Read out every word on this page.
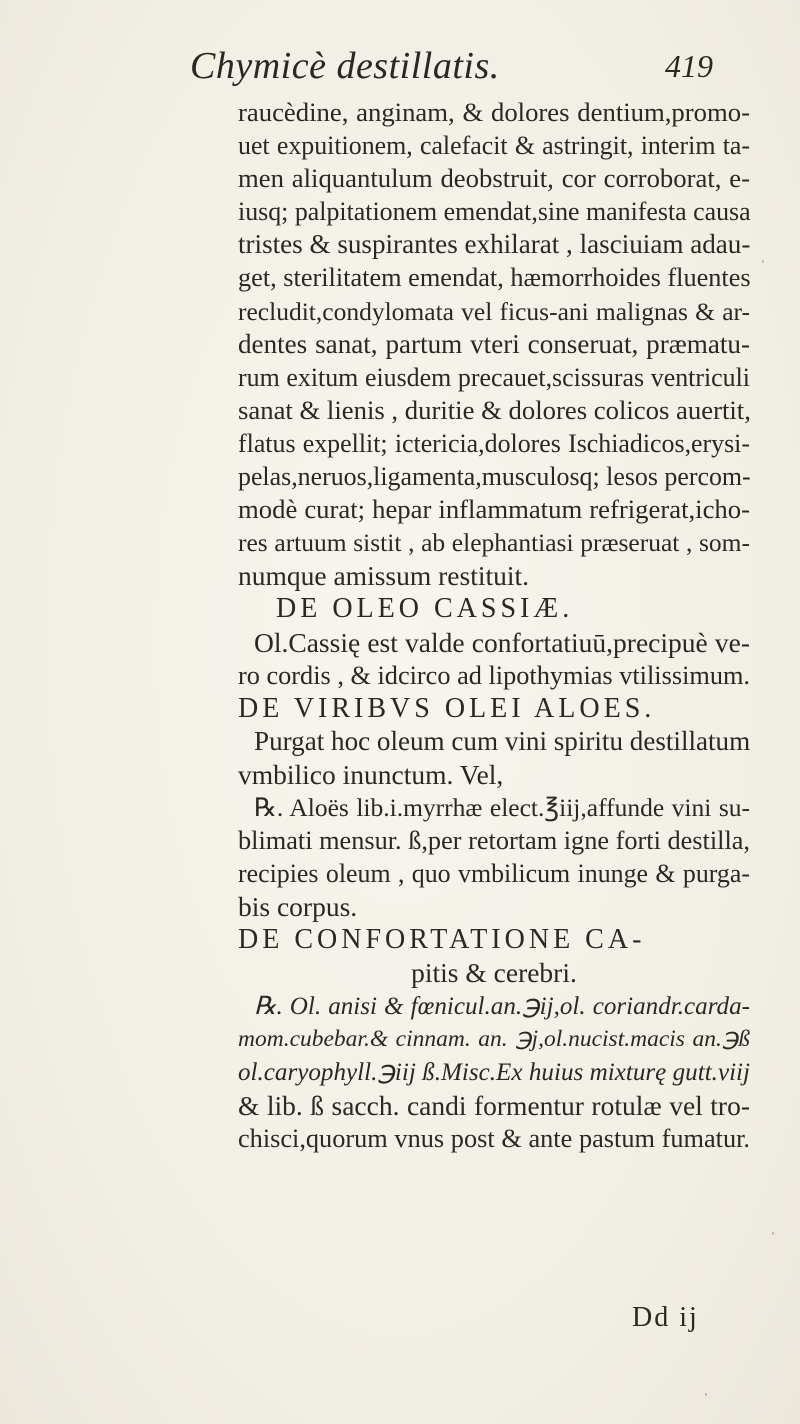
Chymicè destillatis.	419
raucèdine, anginam, & dolores dentium,promo-
uet expuitionem, calefacit & astringit, interim ta-
men aliquantulum deobstruit, cor corroborat, e-
iusq; palpitationem emendat,sine manifesta causa
tristes & suspirantes exhilarat , lasciuiam adau-
get, sterilitatem emendat, hæmorrhoides fluentes
recludit,condylomata vel ficus-ani malignas & ar-
dentes sanat, partum vteri conseruat, præmatu-
rum exitum eiusdem precauet,scissuras ventriculi
sanat & lienis , duritie & dolores colicos auertit,
flatus expellit; ictericia,dolores Ischiadicos,erysi-
pelas,neruos,ligamenta,musculosq; lesos percom-
modè curat; hepar inflammatum refrigerat,icho-
res artuum sistit , ab elephantiasi præseruat , som-
numque amissum restituit.
DE OLEO CASSIÆ.
Ol.Cassię est valde confortatiuū,precipuè ve-
ro cordis , & idcirco ad lipothymias vtilissimum.
DE VIRIBVS OLEI ALOES.
Purgat hoc oleum cum vini spiritu destillatum
vmbilico inunctum. Vel,
℞. Aloës lib.i.myrrhæ elect.℥iij,affunde vini su-
blimati mensur. ß,per retortam igne forti destilla,
recipies oleum , quo vmbilicum inunge & purga-
bis corpus.
DE CONFORTATIONE CA-
pitis & cerebri.
℞. Ol. anisi & fœnicul.an.℈ij,ol. coriandr.carda-
mom.cubebar.& cinnam. an. ℈j,ol.nucist.macis an.℈ß
ol.caryophyll.℈iij ß.Misc.Ex huius mixturę gutt.viij
& lib. ß sacch. candi formentur rotulæ vel tro-
chisci,quorum vnus post & ante pastum fumatur.
Dd ij
